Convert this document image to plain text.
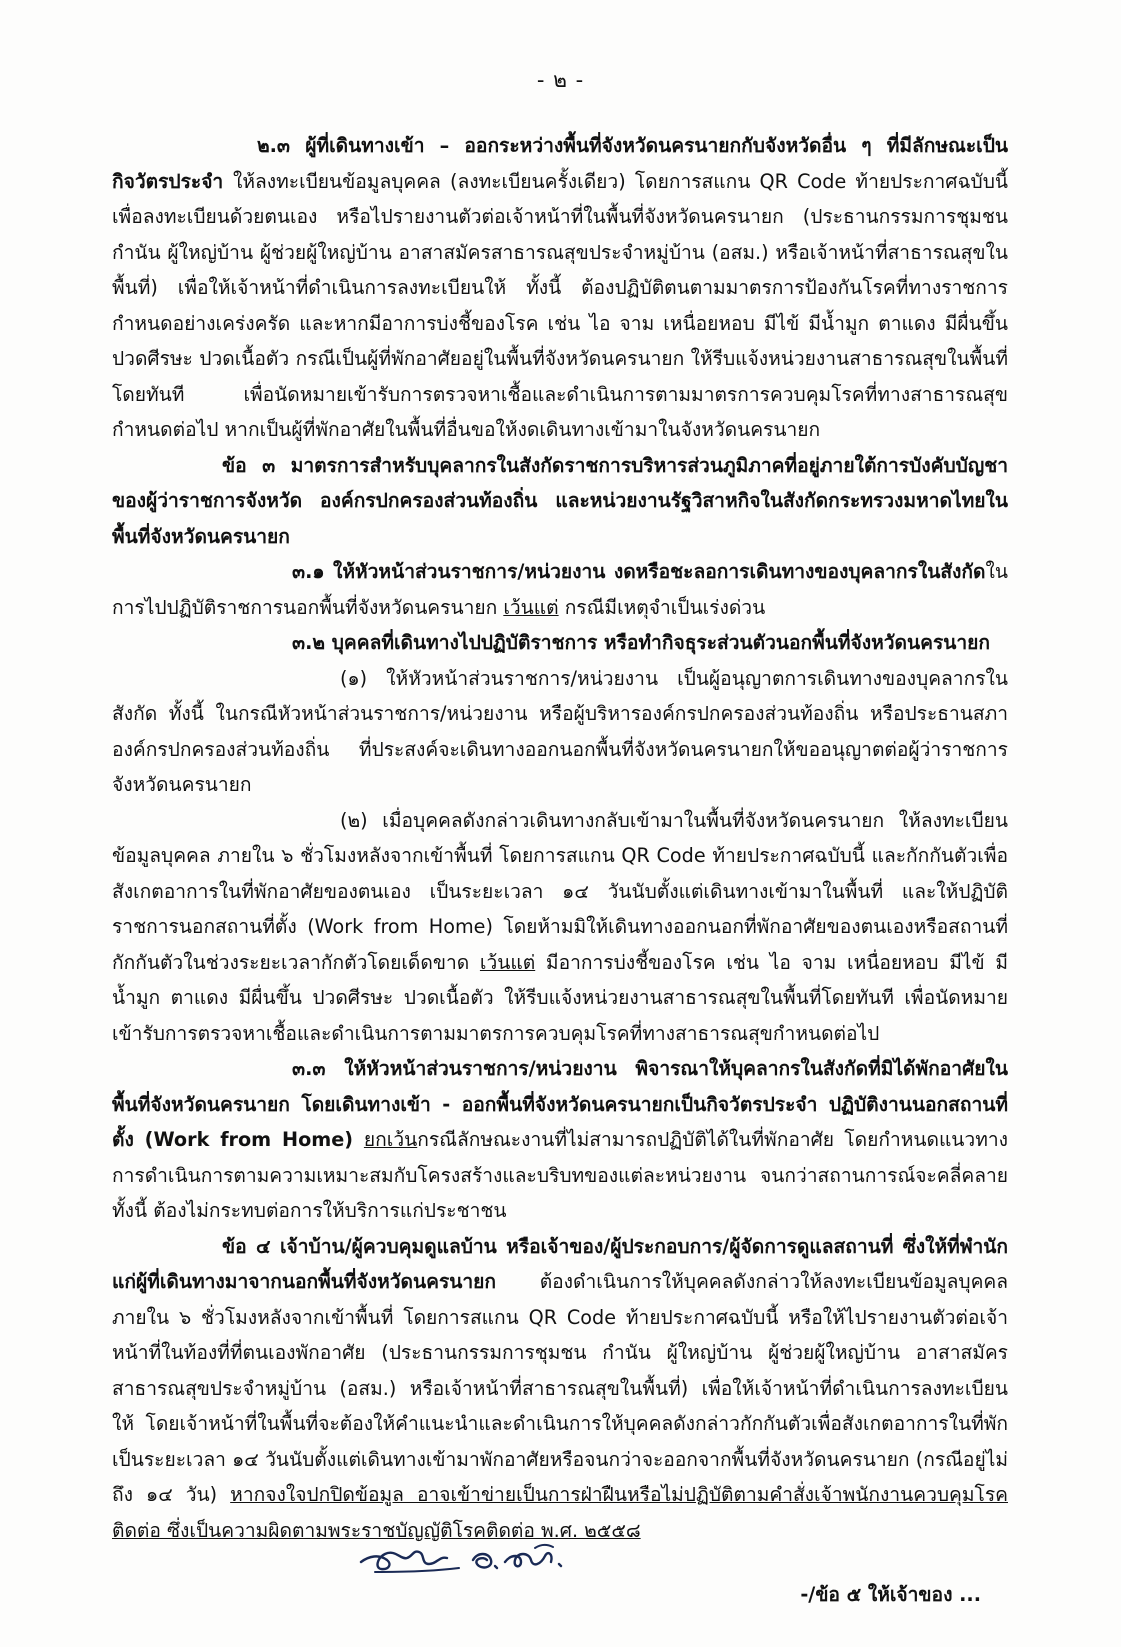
- ๒ -

๒.๓ ผู้ที่เดินทางเข้า – ออกระหว่างพื้นที่จังหวัดนครนายกกับจังหวัดอื่น ๆ ที่มีลักษณะเป็นกิจวัตรประจำ ให้ลงทะเบียนข้อมูลบุคคล (ลงทะเบียนครั้งเดียว) โดยการสแกน QR Code ท้ายประกาศฉบับนี้เพื่อลงทะเบียนด้วยตนเอง หรือไปรายงานตัวต่อเจ้าหน้าที่ในพื้นที่จังหวัดนครนายก (ประธานกรรมการชุมชน กำนัน ผู้ใหญ่บ้าน ผู้ช่วยผู้ใหญ่บ้าน อาสาสมัครสาธารณสุขประจำหมู่บ้าน (อสม.) หรือเจ้าหน้าที่สาธารณสุขในพื้นที่) เพื่อให้เจ้าหน้าที่ดำเนินการลงทะเบียนให้ ทั้งนี้ ต้องปฏิบัติตนตามมาตรการป้องกันโรคที่ทางราชการกำหนดอย่างเคร่งครัด และหากมีอาการบ่งชี้ของโรค เช่น ไอ จาม เหนื่อยหอบ มีไข้ มีน้ำมูก ตาแดง มีผื่นขึ้น ปวดศีรษะ ปวดเนื้อตัว กรณีเป็นผู้ที่พักอาศัยอยู่ในพื้นที่จังหวัดนครนายก ให้รีบแจ้งหน่วยงานสาธารณสุขในพื้นที่โดยทันที เพื่อนัดหมายเข้ารับการตรวจหาเชื้อและดำเนินการตามมาตรการควบคุมโรคที่ทางสาธารณสุขกำหนดต่อไป หากเป็นผู้ที่พักอาศัยในพื้นที่อื่นขอให้งดเดินทางเข้ามาในจังหวัดนครนายก

ข้อ ๓ มาตรการสำหรับบุคลากรในสังกัดราชการบริหารส่วนภูมิภาคที่อยู่ภายใต้การบังคับบัญชาของผู้ว่าราชการจังหวัด องค์กรปกครองส่วนท้องถิ่น และหน่วยงานรัฐวิสาหกิจในสังกัดกระทรวงมหาดไทยในพื้นที่จังหวัดนครนายก

๓.๑ ให้หัวหน้าส่วนราชการ/หน่วยงาน งดหรือชะลอการเดินทางของบุคลากรในสังกัดในการไปปฏิบัติราชการนอกพื้นที่จังหวัดนครนายก เว้นแต่ กรณีมีเหตุจำเป็นเร่งด่วน

๓.๒ บุคคลที่เดินทางไปปฏิบัติราชการ หรือทำกิจธุระส่วนตัวนอกพื้นที่จังหวัดนครนายก

(๑) ให้หัวหน้าส่วนราชการ/หน่วยงาน เป็นผู้อนุญาตการเดินทางของบุคลากรในสังกัด ทั้งนี้ ในกรณีหัวหน้าส่วนราชการ/หน่วยงาน หรือผู้บริหารองค์กรปกครองส่วนท้องถิ่น หรือประธานสภาองค์กรปกครองส่วนท้องถิ่น ที่ประสงค์จะเดินทางออกนอกพื้นที่จังหวัดนครนายกให้ขออนุญาตต่อผู้ว่าราชการจังหวัดนครนายก

(๒) เมื่อบุคคลดังกล่าวเดินทางกลับเข้ามาในพื้นที่จังหวัดนครนายก ให้ลงทะเบียนข้อมูลบุคคล ภายใน ๖ ชั่วโมงหลังจากเข้าพื้นที่ โดยการสแกน QR Code ท้ายประกาศฉบับนี้ และกักกันตัวเพื่อสังเกตอาการในที่พักอาศัยของตนเอง เป็นระยะเวลา ๑๔ วันนับตั้งแต่เดินทางเข้ามาในพื้นที่ และให้ปฏิบัติราชการนอกสถานที่ตั้ง (Work from Home) โดยห้ามมิให้เดินทางออกนอกที่พักอาศัยของตนเองหรือสถานที่กักกันตัวในช่วงระยะเวลากักตัวโดยเด็ดขาด เว้นแต่ มีอาการบ่งชี้ของโรค เช่น ไอ จาม เหนื่อยหอบ มีไข้ มีน้ำมูก ตาแดง มีผื่นขึ้น ปวดศีรษะ ปวดเนื้อตัว ให้รีบแจ้งหน่วยงานสาธารณสุขในพื้นที่โดยทันที เพื่อนัดหมายเข้ารับการตรวจหาเชื้อและดำเนินการตามมาตรการควบคุมโรคที่ทางสาธารณสุขกำหนดต่อไป

๓.๓ ให้หัวหน้าส่วนราชการ/หน่วยงาน พิจารณาให้บุคลากรในสังกัดที่มิได้พักอาศัยในพื้นที่จังหวัดนครนายก โดยเดินทางเข้า - ออกพื้นที่จังหวัดนครนายกเป็นกิจวัตรประจำ ปฏิบัติงานนอกสถานที่ตั้ง (Work from Home) ยกเว้นกรณีลักษณะงานที่ไม่สามารถปฏิบัติได้ในที่พักอาศัย โดยกำหนดแนวทางการดำเนินการตามความเหมาะสมกับโครงสร้างและบริบทของแต่ละหน่วยงาน จนกว่าสถานการณ์จะคลี่คลาย ทั้งนี้ ต้องไม่กระทบต่อการให้บริการแก่ประชาชน

ข้อ ๔ เจ้าบ้าน/ผู้ควบคุมดูแลบ้าน หรือเจ้าของ/ผู้ประกอบการ/ผู้จัดการดูแลสถานที่ ซึ่งให้ที่พำนักแก่ผู้ที่เดินทางมาจากนอกพื้นที่จังหวัดนครนายก ต้องดำเนินการให้บุคคลดังกล่าวให้ลงทะเบียนข้อมูลบุคคล ภายใน ๖ ชั่วโมงหลังจากเข้าพื้นที่ โดยการสแกน QR Code ท้ายประกาศฉบับนี้ หรือให้ไปรายงานตัวต่อเจ้าหน้าที่ในท้องที่ที่ตนเองพักอาศัย (ประธานกรรมการชุมชน กำนัน ผู้ใหญ่บ้าน ผู้ช่วยผู้ใหญ่บ้าน อาสาสมัครสาธารณสุขประจำหมู่บ้าน (อสม.) หรือเจ้าหน้าที่สาธารณสุขในพื้นที่) เพื่อให้เจ้าหน้าที่ดำเนินการลงทะเบียนให้ โดยเจ้าหน้าที่ในพื้นที่จะต้องให้คำแนะนำและดำเนินการให้บุคคลดังกล่าวกักกันตัวเพื่อสังเกตอาการในที่พัก เป็นระยะเวลา ๑๔ วันนับตั้งแต่เดินทางเข้ามาพักอาศัยหรือจนกว่าจะออกจากพื้นที่จังหวัดนครนายก (กรณีอยู่ไม่ถึง ๑๔ วัน) หากจงใจปกปิดข้อมูล อาจเข้าข่ายเป็นการฝ่าฝืนหรือไม่ปฏิบัติตามคำสั่งเจ้าพนักงานควบคุมโรคติดต่อ ซึ่งเป็นความผิดตามพระราชบัญญัติโรคติดต่อ พ.ศ. ๒๕๕๘

-/ข้อ ๕ ให้เจ้าของ ...
